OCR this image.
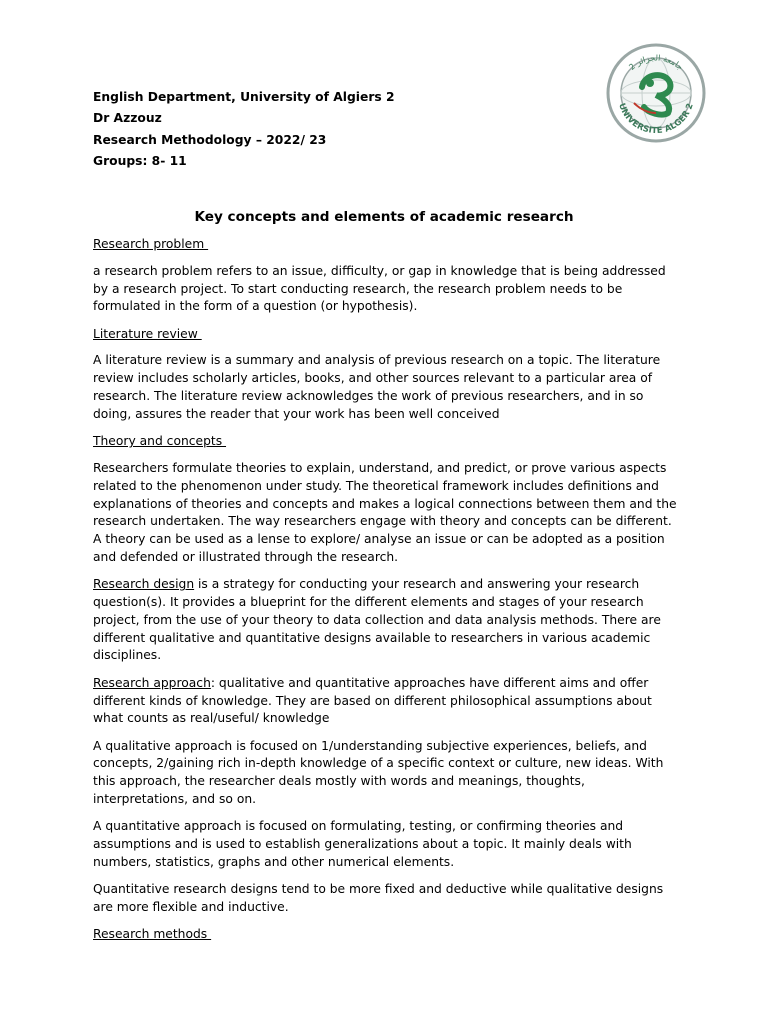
UNIVERSITE ALGER 2
جامعة الجزائر 2
English Department, University of Algiers 2
Dr Azzouz
Research Methodology – 2022/ 23
Groups: 8- 11
Key concepts and elements of academic research
Research problem

a research problem refers to an issue, difficulty, or gap in knowledge that is being addressed by a research project. To start conducting research, the research problem needs to be formulated in the form of a question (or hypothesis).

Literature review

A literature review is a summary and analysis of previous research on a topic. The literature review includes scholarly articles, books, and other sources relevant to a particular area of research. The literature review acknowledges the work of previous researchers, and in so doing, assures the reader that your work has been well conceived

Theory and concepts

Researchers formulate theories to explain, understand, and predict, or prove various aspects related to the phenomenon under study. The theoretical framework includes definitions and explanations of theories and concepts and makes a logical connections between them and the research undertaken. The way researchers engage with theory and concepts can be different. A theory can be used as a lense to explore/ analyse an issue or can be adopted as a position and defended or illustrated through the research.

Research design is a strategy for conducting your research and answering your research question(s). It provides a blueprint for the different elements and stages of your research project, from the use of your theory to data collection and data analysis methods. There are different qualitative and quantitative designs available to researchers in various academic disciplines.

Research approach: qualitative and quantitative approaches have different aims and offer different kinds of knowledge. They are based on different philosophical assumptions about what counts as real/useful/ knowledge

A qualitative approach is focused on 1/understanding subjective experiences, beliefs, and concepts, 2/gaining rich in-depth knowledge of a specific context or culture, new ideas. With this approach, the researcher deals mostly with words and meanings, thoughts, interpretations, and so on.

A quantitative approach is focused on formulating, testing, or confirming theories and assumptions and is used to establish generalizations about a topic. It mainly deals with numbers, statistics, graphs and other numerical elements.

Quantitative research designs tend to be more fixed and deductive while qualitative designs are more flexible and inductive.

Research methods
